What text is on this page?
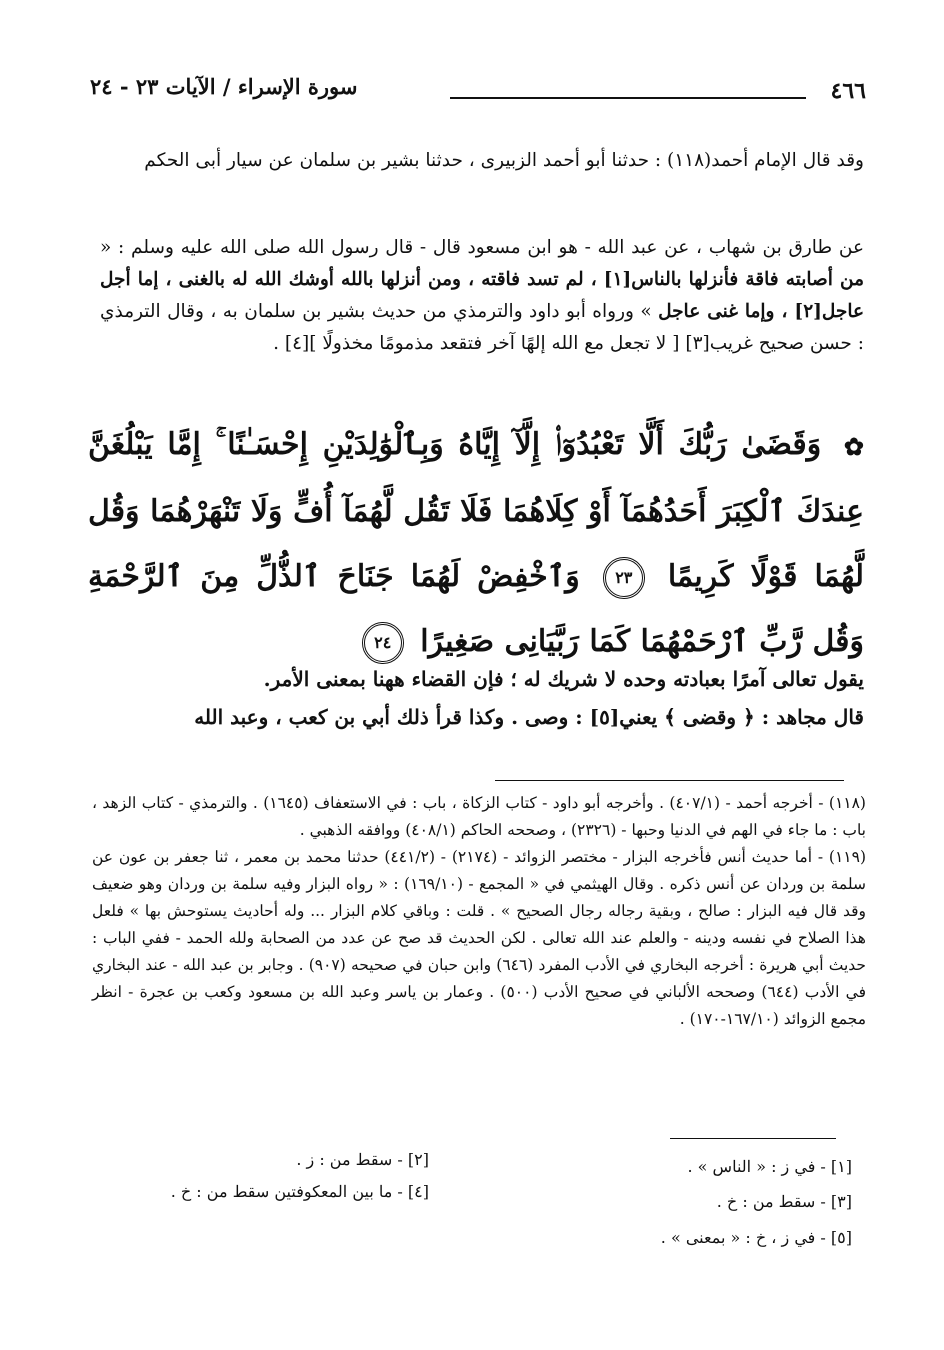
٤٦٦
سورة الإسراء / الآيات ٢٣ - ٢٤
وقد قال الإمام أحمد(١١٨) : حدثنا أبو أحمد الزبيرى ، حدثنا بشير بن سلمان عن سيار أبى الحكم
عن طارق بن شهاب ، عن عبد الله - هو ابن مسعود قال - قال رسول الله صلى الله عليه وسلم : « من أصابته فاقة فأنزلها بالناس[١] ، لم تسد فاقته ، ومن أنزلها بالله أوشك الله له بالغنى ، إما أجل عاجل[٢] ، وإما غنى عاجل » ورواه أبو داود والترمذي من حديث بشير بن سلمان به ، وقال الترمذي : حسن صحيح غريب[٣] [ لا تجعل مع الله إلهًا آخر فتقعد مذمومًا مخذولًا ][٤] .
✿ وَقَضَىٰ رَبُّكَ أَلَّا تَعْبُدُوٓا۟ إِلَّآ إِيَّاهُ وَبِٱلْوَٰلِدَيْنِ إِحْسَـٰنًا ۚ إِمَّا يَبْلُغَنَّ عِندَكَ ٱلْكِبَرَ أَحَدُهُمَآ أَوْ كِلَاهُمَا فَلَا تَقُل لَّهُمَآ أُفٍّ وَلَا تَنْهَرْهُمَا وَقُل لَّهُمَا قَوْلًا كَرِيمًا ٢٣ وَٱخْفِضْ لَهُمَا جَنَاحَ ٱلذُّلِّ مِنَ ٱلرَّحْمَةِ وَقُل رَّبِّ ٱرْحَمْهُمَا كَمَا رَبَّيَانِى صَغِيرًا ٢٤
يقول تعالى آمرًا بعبادته وحده لا شريك له ؛ فإن القضاء ههنا بمعنى الأمر.
قال مجاهد : ﴿ وقضى ﴾ يعني[٥] : وصى . وكذا قرأ ذلك أبي بن كعب ، وعبد الله
(١١٨) - أخرجه أحمد - (٤٠٧/١) . وأخرجه أبو داود - كتاب الزكاة ، باب : في الاستعفاف (١٦٤٥) . والترمذي - كتاب الزهد ، باب : ما جاء في الهم في الدنيا وحبها - (٢٣٢٦) ، وصححه الحاكم (٤٠٨/١) ووافقه الذهبي .
(١١٩) - أما حديث أنس فأخرجه البزار - مختصر الزوائد - (٢١٧٤) - (٤٤١/٢) حدثنا محمد بن معمر ، ثنا جعفر بن عون عن سلمة بن وردان عن أنس ذكره . وقال الهيثمي في « المجمع - (١٦٩/١٠) : « رواه البزار وفيه سلمة بن وردان وهو ضعيف وقد قال فيه البزار : صالح ، وبقية رجاله رجال الصحيح » . قلت : وباقي كلام البزار ... وله أحاديث يستوحش بها » فلعل هذا الصلاح في نفسه ودينه - والعلم عند الله تعالى . لكن الحديث قد صح عن عدد من الصحابة ولله الحمد - ففي الباب : حديث أبي هريرة : أخرجه البخاري في الأدب المفرد (٦٤٦) وابن حبان في صحيحه (٩٠٧) . وجابر بن عبد الله - عند البخاري في الأدب (٦٤٤) وصححه الألباني في صحيح الأدب (٥٠٠) . وعمار بن ياسر وعبد الله بن مسعود وكعب بن عجرة - انظر مجمع الزوائد (١٦٧/١٠-١٧٠) .
[١] - في ز : « الناس » .
[٢] - سقط من : ز .
[٣] - سقط من : خ .
[٤] - ما بين المعكوفتين سقط من : خ .
[٥] - في ز ، خ : « بمعنى » .
